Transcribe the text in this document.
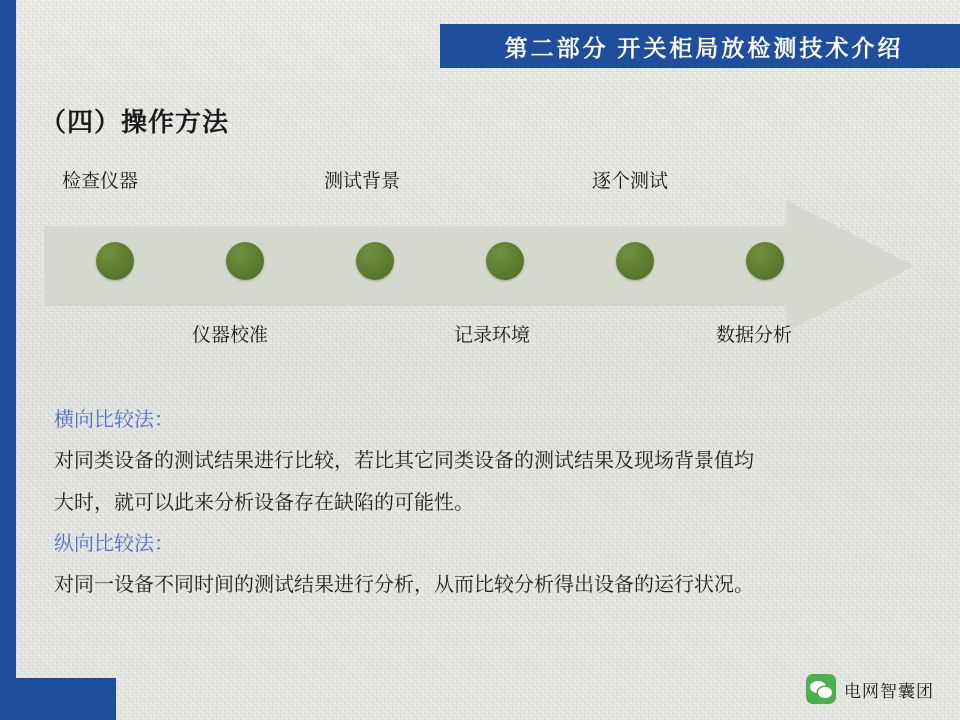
第二部分 开关柜局放检测技术介绍
（四）操作方法
检查仪器	测试背景	逐个测试
仪器校准	记录环境	数据分析

横向比较法：

对同类设备的测试结果进行比较，若比其它同类设备的测试结果及现场背景值均

大时，就可以此来分析设备存在缺陷的可能性。

纵向比较法：

对同一设备不同时间的测试结果进行分析，从而比较分析得出设备的运行状况。

电网智囊团
